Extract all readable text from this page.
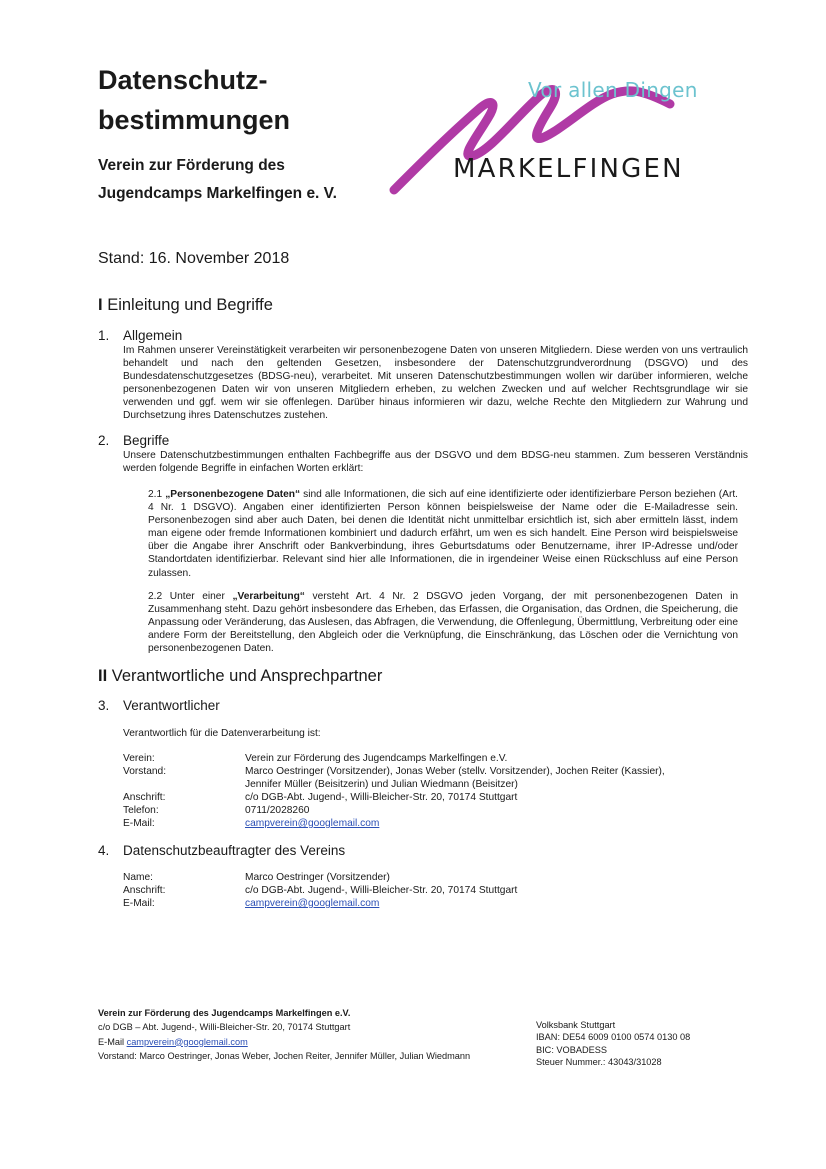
Datenschutz-
bestimmungen
Verein zur Förderung des
Jugendcamps Markelfingen e. V.
Vor allen Dingen
MARKELFINGEN
Stand: 16. November 2018
I Einleitung und Begriffe
1. Allgemein
Im Rahmen unserer Vereinstätigkeit verarbeiten wir personenbezogene Daten von unseren Mitgliedern. Diese werden von uns vertraulich behandelt und nach den geltenden Gesetzen, insbesondere der Datenschutzgrundverordnung (DSGVO) und des Bundesdatenschutzgesetzes (BDSG-neu), verarbeitet. Mit unseren Datenschutzbestimmungen wollen wir darüber informieren, welche personenbezogenen Daten wir von unseren Mitgliedern erheben, zu welchen Zwecken und auf welcher Rechtsgrundlage wir sie verwenden und ggf. wem wir sie offenlegen. Darüber hinaus informieren wir dazu, welche Rechte den Mitgliedern zur Wahrung und Durchsetzung ihres Datenschutzes zustehen.
2. Begriffe
Unsere Datenschutzbestimmungen enthalten Fachbegriffe aus der DSGVO und dem BDSG-neu stammen. Zum besseren Verständnis werden folgende Begriffe in einfachen Worten erklärt:
2.1 „Personenbezogene Daten“ sind alle Informationen, die sich auf eine identifizierte oder identifizierbare Person beziehen (Art. 4 Nr. 1 DSGVO). Angaben einer identifizierten Person können beispielsweise der Name oder die E-Mailadresse sein. Personenbezogen sind aber auch Daten, bei denen die Identität nicht unmittelbar ersichtlich ist, sich aber ermitteln lässt, indem man eigene oder fremde Informationen kombiniert und dadurch erfährt, um wen es sich handelt. Eine Person wird beispielsweise über die Angabe ihrer Anschrift oder Bankverbindung, ihres Geburtsdatums oder Benutzername, ihrer IP-Adresse und/oder Standortdaten identifizierbar. Relevant sind hier alle Informationen, die in irgendeiner Weise einen Rückschluss auf eine Person zulassen.
2.2 Unter einer „Verarbeitung“ versteht Art. 4 Nr. 2 DSGVO jeden Vorgang, der mit personenbezogenen Daten in Zusammenhang steht. Dazu gehört insbesondere das Erheben, das Erfassen, die Organisation, das Ordnen, die Speicherung, die Anpassung oder Veränderung, das Auslesen, das Abfragen, die Verwendung, die Offenlegung, Übermittlung, Verbreitung oder eine andere Form der Bereitstellung, den Abgleich oder die Verknüpfung, die Einschränkung, das Löschen oder die Vernichtung von personenbezogenen Daten.
II Verantwortliche und Ansprechpartner
3. Verantwortlicher
Verantwortlich für die Datenverarbeitung ist:
Verein:	Verein zur Förderung des Jugendcamps Markelfingen e.V.
Vorstand:	Marco Oestringer (Vorsitzender), Jonas Weber (stellv. Vorsitzender), Jochen Reiter (Kassier),
Jennifer Müller (Beisitzerin) und Julian Wiedmann (Beisitzer)
Anschrift:	c/o DGB-Abt. Jugend-, Willi-Bleicher-Str. 20, 70174 Stuttgart
Telefon:	0711/2028260
E-Mail:	campverein@googlemail.com
4. Datenschutzbeauftragter des Vereins
Name:	Marco Oestringer (Vorsitzender)
Anschrift:	c/o DGB-Abt. Jugend-, Willi-Bleicher-Str. 20, 70174 Stuttgart
E-Mail:	campverein@googlemail.com
Verein zur Förderung des Jugendcamps Markelfingen e.V.
c/o DGB – Abt. Jugend-, Willi-Bleicher-Str. 20, 70174 Stuttgart
E-Mail campverein@googlemail.com
Vorstand: Marco Oestringer, Jonas Weber, Jochen Reiter, Jennifer Müller, Julian Wiedmann
Volksbank Stuttgart
IBAN: DE54 6009 0100 0574 0130 08
BIC: VOBADESS
Steuer Nummer.: 43043/31028
